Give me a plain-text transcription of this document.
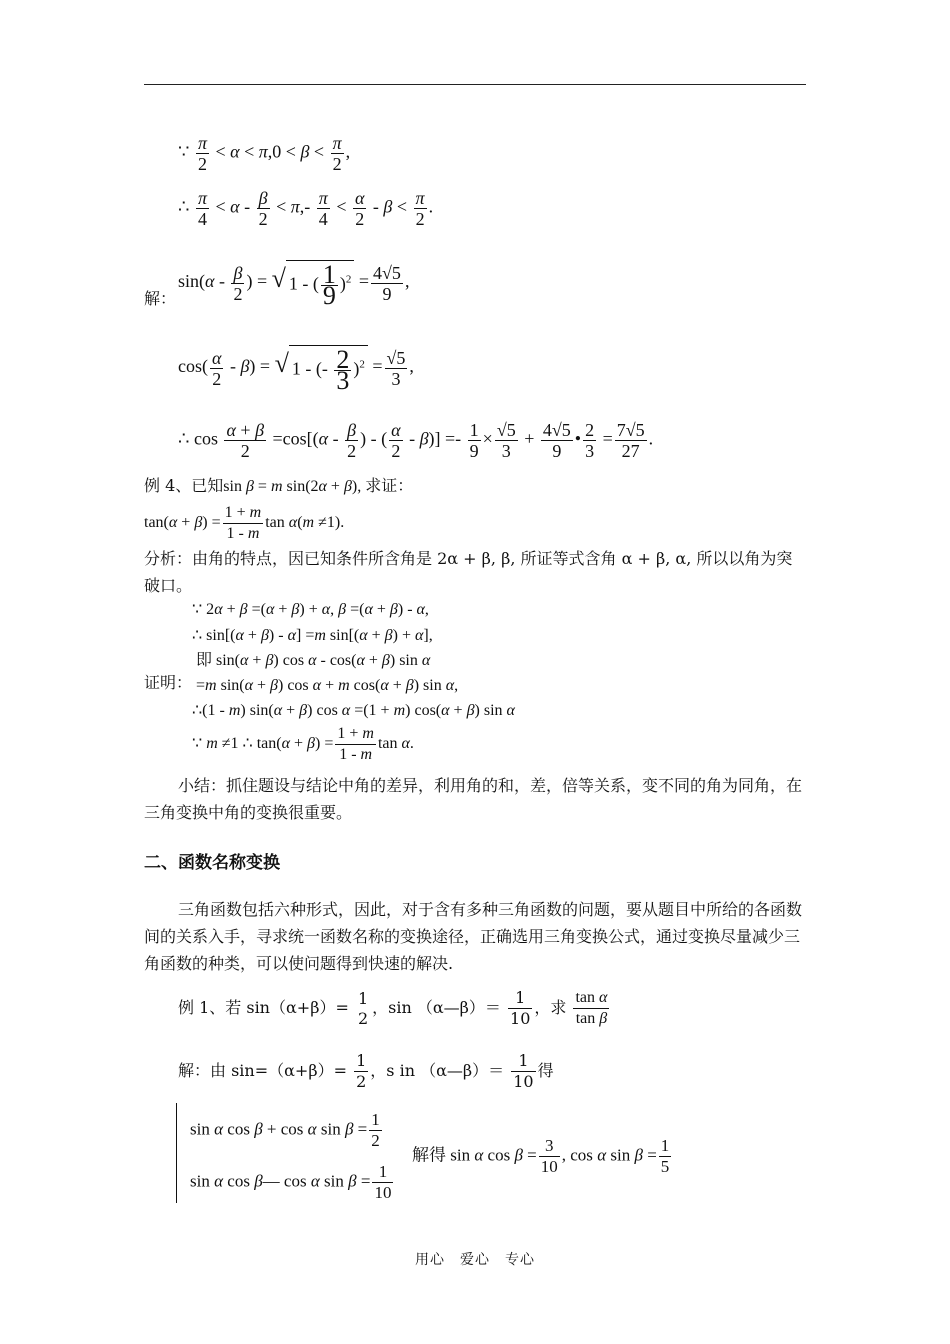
∵ $\frac{\pi}{2} < \alpha < \pi,0 < \beta < \frac{\pi}{2}$ ,
∴ $\frac{\pi}{4} < \alpha - \frac{\beta}{2} < \pi,- \frac{\pi}{4} < \frac{\alpha}{2} - \beta < \frac{\pi}{2}$ .
解：
$\sin(\alpha - \frac{\beta}{2}$ ) = √ 1 - ( $\frac{1}{9} )^2 = \frac{4√5}{9}$ ,
$\cos( \frac{\alpha}{2} - \beta)$ = √ 1 - (- $\frac{2}{3} )^2 = \frac{√5}{3}$ ,
∴ $\cos \frac{\alpha + \beta}{2} =\cos[(\alpha - \frac{\beta}{2}$ ) - ( $\frac{\alpha}{2} - \beta)] =- \frac{1}{9} \times \frac{√5}{3} + \frac{4√5}{9}$ • $\frac{2}{3} = \frac{7√5}{27}$ .
例 4、已知sin β = m sin(2α + β), 求证：
$\tan(\alpha + \beta) = \frac{1 + m}{1 - m}$ tan α(m ≠1).
分析：由角的特点，因已知条件所含角是 2α + β, β, 所证等式含角 α + β, α, 所以以角为突破口。
证明：
∵ 2α + β =(α + β) + α, β =(α + β) - α,
∴ sin[(α + β) - α] =m sin[(α + β) + α],
即 sin(α + β) cos α - cos(α + β) sin α
=m sin(α + β) cos α + m cos(α + β) sin α,
∴(1 - m) sin(α + β) cos α =(1 + m) cos(α + β) sin α
∵ m ≠1 ∴ $\tan(\alpha + \beta) = \frac{1 + m}{1 - m}$ tan α.
小结：抓住题设与结论中角的差异，利用角的和，差，倍等关系，变不同的角为同角，在三角变换中角的变换很重要。
二、函数名称变换
三角函数包括六种形式，因此，对于含有多种三角函数的问题，要从题目中所给的各函数间的关系入手，寻求统一函数名称的变换途径，正确选用三角变换公式，通过变换尽量减少三角函数的种类，可以使问题得到快速的解决.
例 1、若 sin（α+β）= 1
2
，sin （α—β）＝ $\frac{1}{10}$ ，求 $\frac{\text{tan α}}{\text{tan β}}$
解：由 $\sin=(\alpha+\beta)= \frac{1}{2}$ ，s in （α—β）＝ $\frac{1}{10}$ 得
sin α cos β + cos α $\sin \beta = \frac{1}{2}$
sin α cos β— cos α $\sin \beta = \frac{1}{10}$
解得 sin α $\cos \beta = \frac{3}{10}$ , cos α $\sin \beta = \frac{1}{5}$
用心　爱心　专心
